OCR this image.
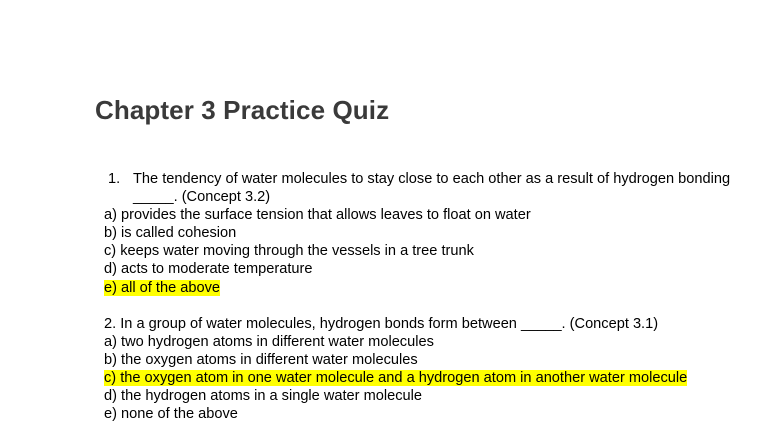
Chapter 3 Practice Quiz
1. The tendency of water molecules to stay close to each other as a result of hydrogen bonding _____. (Concept 3.2)
a) provides the surface tension that allows leaves to float on water
b) is called cohesion
c) keeps water moving through the vessels in a tree trunk
d) acts to moderate temperature
e) all of the above
2. In a group of water molecules, hydrogen bonds form between _____. (Concept 3.1)
a) two hydrogen atoms in different water molecules
b) the oxygen atoms in different water molecules
c) the oxygen atom in one water molecule and a hydrogen atom in another water molecule
d) the hydrogen atoms in a single water molecule
e) none of the above
